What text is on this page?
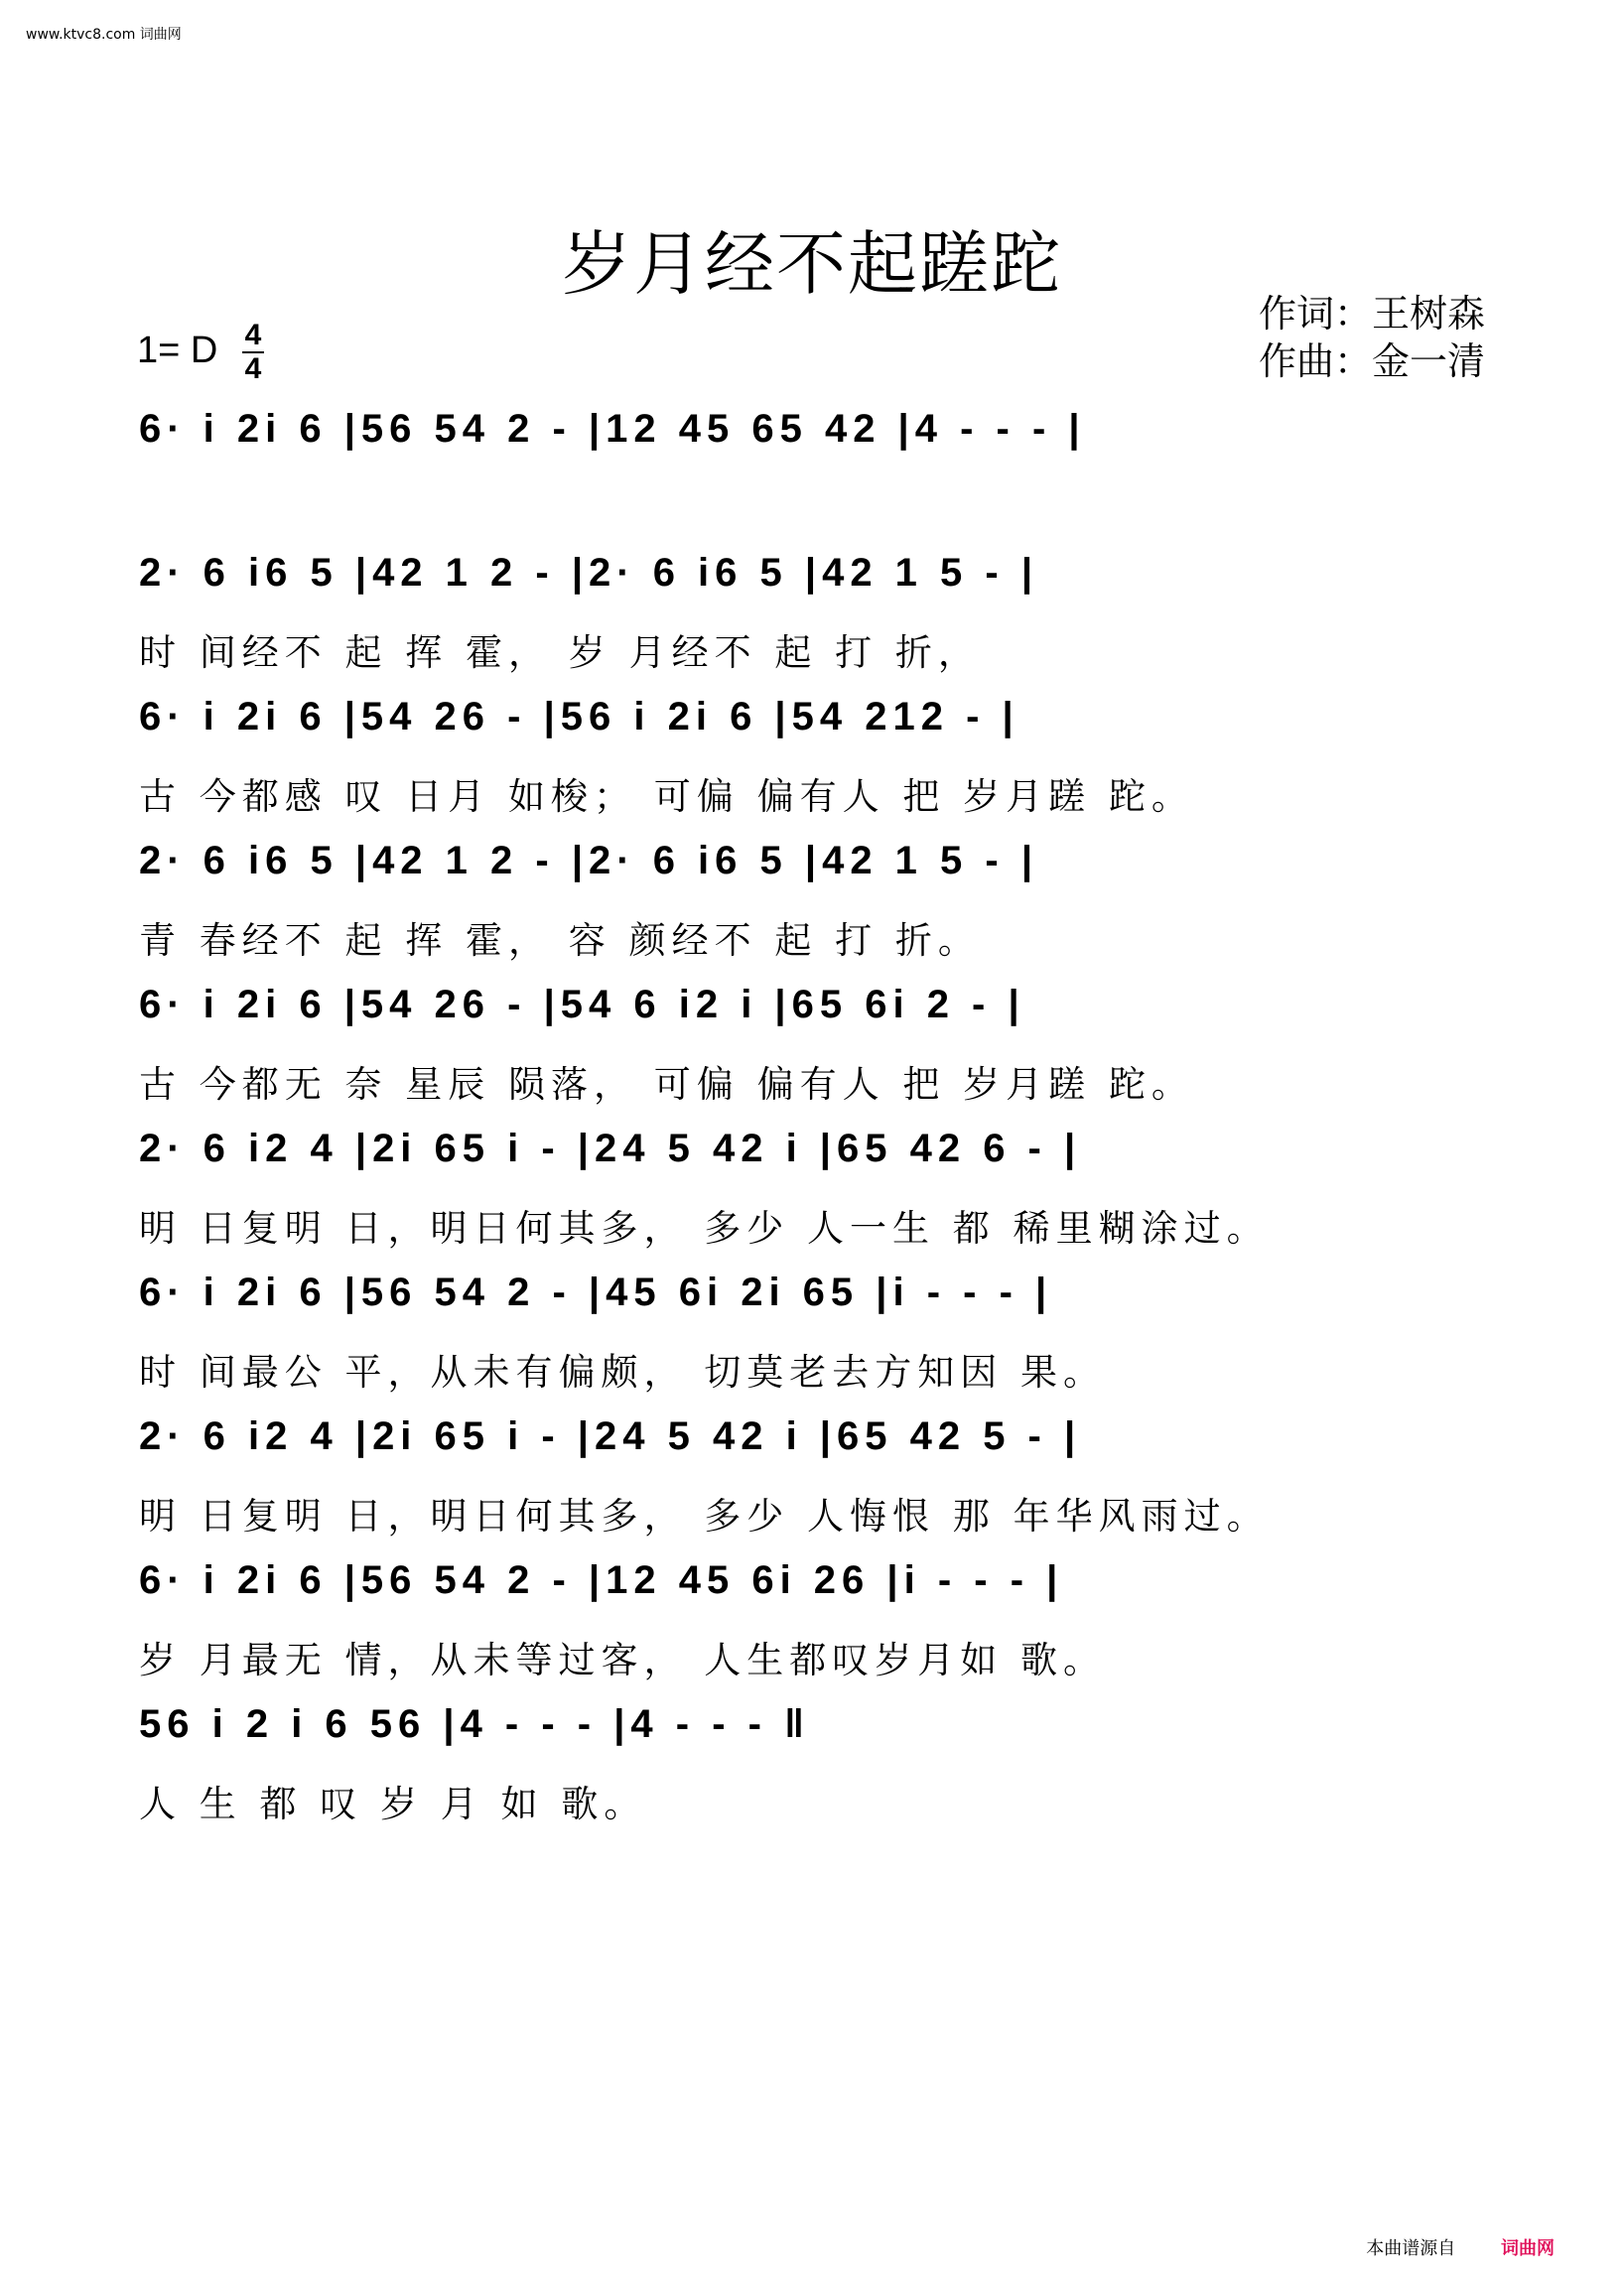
www.ktvc8.com 词曲网
岁月经不起蹉跎
作词：王树森
作曲：金一清
1= D 4
4
6· i 2i 6 |56 54 2 - |12 45 65 42 |4 - - - |
2· 6 i6 5 |42 1 2 - |2· 6 i6 5 |42 1 5 - |
时 间经不 起 挥 霍， 岁 月经不 起 打 折，
6· i 2i 6 |54 26 - |56 i 2i 6 |54 212 - |
古 今都感 叹 日月 如梭； 可偏 偏有人 把 岁月蹉 跎。
2· 6 i6 5 |42 1 2 - |2· 6 i6 5 |42 1 5 - |
青 春经不 起 挥 霍， 容 颜经不 起 打 折。
6· i 2i 6 |54 26 - |54 6 i2 i |65 6i 2 - |
古 今都无 奈 星辰 陨落， 可偏 偏有人 把 岁月蹉 跎。
2· 6 i2 4 |2i 65 i - |24 5 42 i |65 42 6 - |
明 日复明 日，明日何其多， 多少 人一生 都 稀里糊涂过。
6· i 2i 6 |56 54 2 - |45 6i 2i 65 |i - - - |
时 间最公 平，从未有偏颇， 切莫老去方知因 果。
2· 6 i2 4 |2i 65 i - |24 5 42 i |65 42 5 - |
明 日复明 日，明日何其多， 多少 人悔恨 那 年华风雨过。
6· i 2i 6 |56 54 2 - |12 45 6i 26 |i - - - |
岁 月最无 情，从未等过客， 人生都叹岁月如 歌。
56 i 2 i 6 56 |4 - - - |4 - - - ‖
人 生 都 叹 岁 月 如 歌。
本曲谱源自	词曲网
